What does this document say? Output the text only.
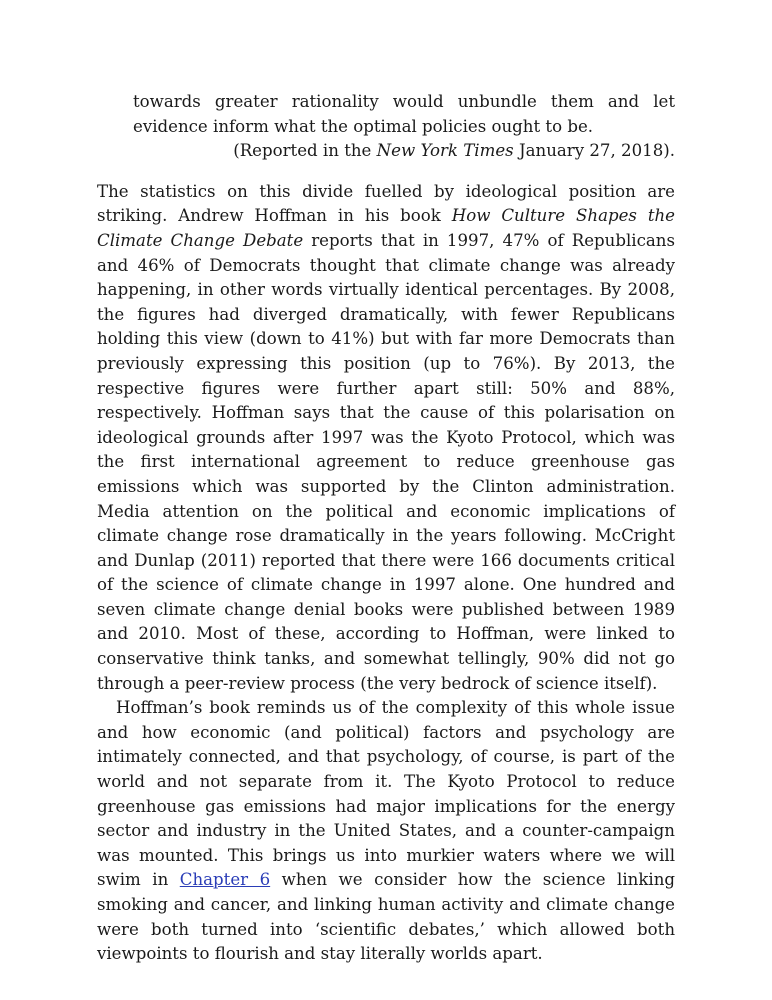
towards greater rationality would unbundle them and let evidence inform what the optimal policies ought to be.
(Reported in the New York Times January 27, 2018).

The statistics on this divide fuelled by ideological position are striking. Andrew Hoffman in his book How Culture Shapes the Climate Change Debate reports that in 1997, 47% of Republicans and 46% of Democrats thought that climate change was already happening, in other words virtually identical percentages. By 2008, the figures had diverged dramatically, with fewer Republicans holding this view (down to 41%) but with far more Democrats than previously expressing this position (up to 76%). By 2013, the respective figures were further apart still: 50% and 88%, respectively. Hoffman says that the cause of this polarisation on ideological grounds after 1997 was the Kyoto Protocol, which was the first international agreement to reduce greenhouse gas emissions which was supported by the Clinton administration. Media attention on the political and economic implications of climate change rose dramatically in the years following. McCright and Dunlap (2011) reported that there were 166 documents critical of the science of climate change in 1997 alone. One hundred and seven climate change denial books were published between 1989 and 2010. Most of these, according to Hoffman, were linked to conservative think tanks, and somewhat tellingly, 90% did not go through a peer-review process (the very bedrock of science itself).

Hoffman’s book reminds us of the complexity of this whole issue and how economic (and political) factors and psychology are intimately connected, and that psychology, of course, is part of the world and not separate from it. The Kyoto Protocol to reduce greenhouse gas emissions had major implications for the energy sector and industry in the United States, and a counter-campaign was mounted. This brings us into murkier waters where we will swim in Chapter 6 when we consider how the science linking smoking and cancer, and linking human activity and climate change were both turned into ‘scientific debates,’ which allowed both viewpoints to flourish and stay literally worlds apart.
